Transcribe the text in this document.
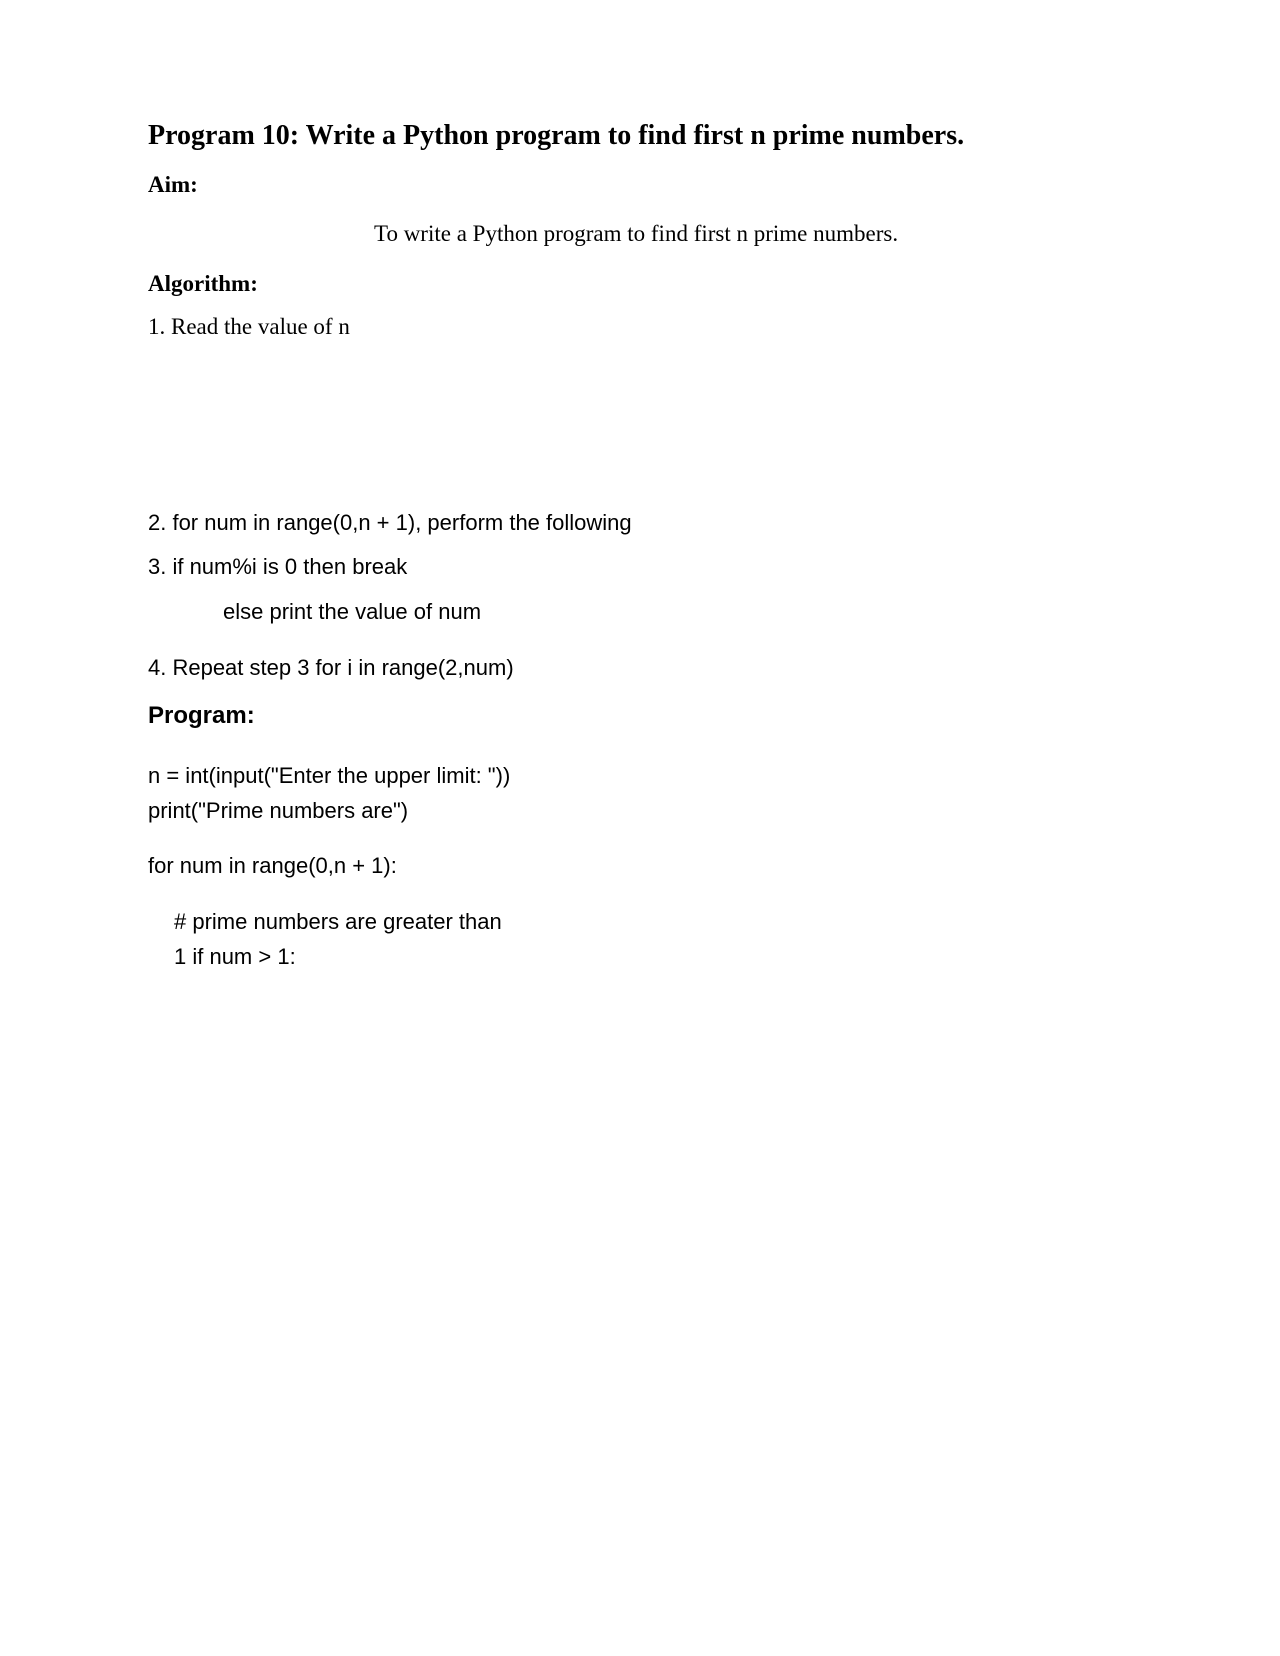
Program 10: Write a Python program to find first n prime numbers.
Aim:
To write a Python program to find first n prime numbers.
Algorithm:
1. Read the value of n
2. for num in range(0,n + 1), perform the following
3. if num%i is 0 then break
else print the value of num
4. Repeat step 3 for i in range(2,num)
Program:
n = int(input("Enter the upper limit: "))
print("Prime numbers are")
for num in range(0,n + 1):
# prime numbers are greater than
1 if num > 1:
